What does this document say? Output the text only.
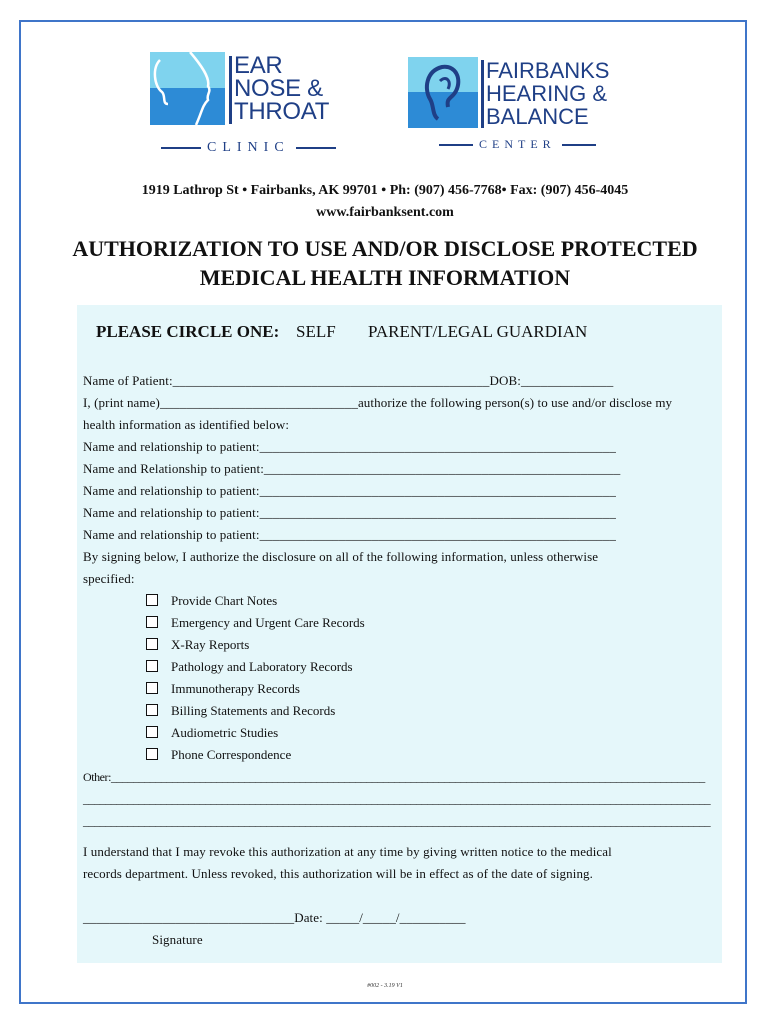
EAR
NOSE &
THROAT
CLINIC
FAIRBANKS
HEARING &
BALANCE
CENTER
1919 Lathrop St • Fairbanks, AK 99701 • Ph: (907) 456-7768• Fax: (907) 456-4045
www.fairbanksent.com
AUTHORIZATION TO USE AND/OR DISCLOSE PROTECTED
MEDICAL HEALTH INFORMATION
PLEASE CIRCLE ONE: SELF PARENT/LEGAL GUARDIAN
Name of Patient:________________________________________________DOB:______________
I, (print name)______________________________authorize the following person(s) to use and/or disclose my
health information as identified below:
Name and relationship to patient:______________________________________________________
Name and Relationship to patient:______________________________________________________
Name and relationship to patient:______________________________________________________
Name and relationship to patient:______________________________________________________
Name and relationship to patient:______________________________________________________
By signing below, I authorize the disclosure on all of the following information, unless otherwise
specified:
Provide Chart Notes
Emergency and Urgent Care Records
X-Ray Reports
Pathology and Laboratory Records
Immunotherapy Records
Billing Statements and Records
Audiometric Studies
Phone Correspondence
Other:___________________________________________________________________________________________________________
_________________________________________________________________________________________________________________
_________________________________________________________________________________________________________________
I understand that I may revoke this authorization at any time by giving written notice to the medical
records department. Unless revoked, this authorization will be in effect as of the date of signing.
________________________________Date: _____/_____/__________
Signature
#002 - 3.19 V1
